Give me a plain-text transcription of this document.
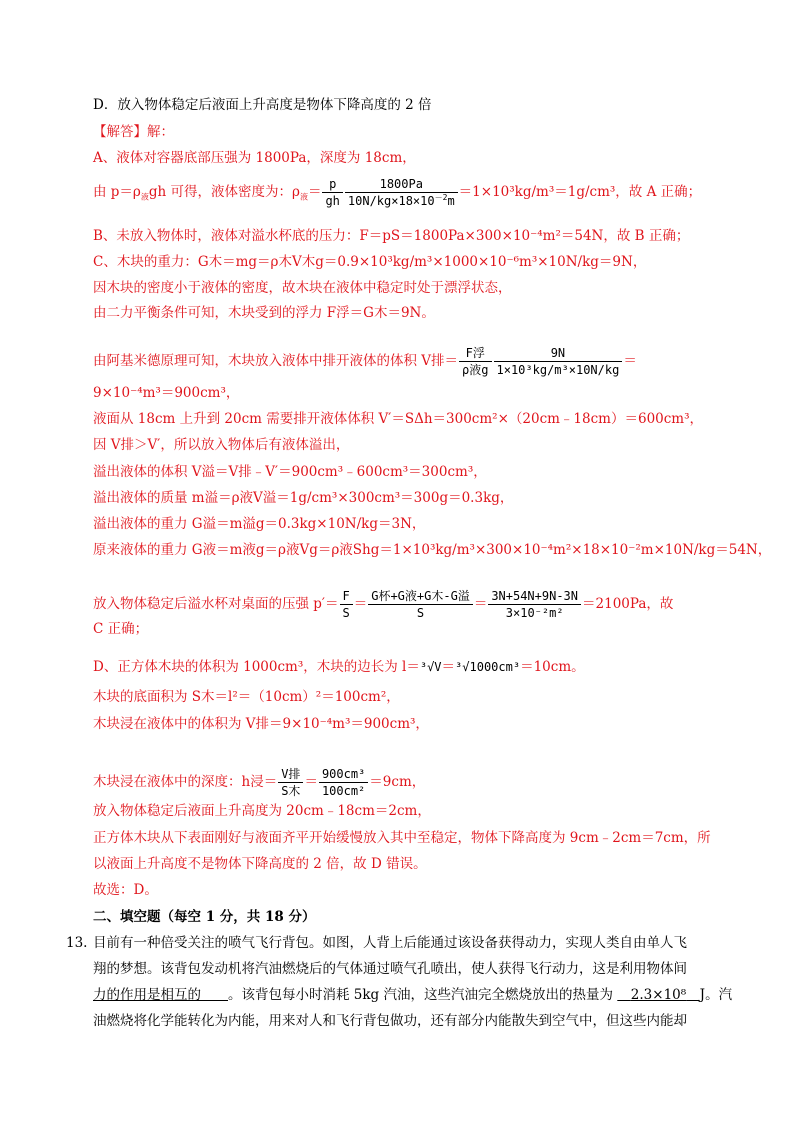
D．放入物体稳定后液面上升高度是物体下降高度的 2 倍
【解答】解：
A、液体对容器底部压强为 1800Pa，深度为 18cm，
由 $p=\rho_液gh$ 可得，液体密度为：$\rho_液= \frac{p}{gh} \frac{1800Pa}{10N/kg\times 18\times 10^{-2}m} =1\times 10^3kg/m^3=1g/cm^3$，故 A 正确；
B、未放入物体时，液体对溢水杯底的压力：F＝pS＝1800Pa×300×10⁻⁴m²＝54N，故 B 正确；
C、木块的重力：G木＝mg＝ρ木V木g＝0.9×10³kg/m³×1000×10⁻⁶m³×10N/kg＝9N，
因木块的密度小于液体的密度，故木块在液体中稳定时处于漂浮状态，
由二力平衡条件可知，木块受到的浮力 F浮＝G木＝9N。
由阿基米德原理可知，木块放入液体中排开液体的体积 V排＝ $\frac{\text{F浮}}{\text{ρ液g}} \frac{9N}{\text{1×10³kg/m³×10N/kg}}$ ＝
9×10⁻⁴m³＝900cm³，
液面从 18cm 上升到 20cm 需要排开液体体积 V′＝SΔh＝300cm²×（20cm﹣18cm）＝600cm³，
因 V排＞V′，所以放入物体后有液体溢出，
溢出液体的体积 V溢＝V排﹣V′＝900cm³﹣600cm³＝300cm³，
溢出液体的质量 m溢＝ρ液V溢＝1g/cm³×300cm³＝300g＝0.3kg，
溢出液体的重力 G溢＝m溢g＝0.3kg×10N/kg＝3N，
原来液体的重力 G液＝m液g＝ρ液Vg＝ρ液Shg＝1×10³kg/m³×300×10⁻⁴m²×18×10⁻²m×10N/kg＝54N，
放入物体稳定后溢水杯对桌面的压强 $p'= \frac{F}{S} = \frac{\text{G杯+G液+G木-G溢}}{S} = \frac{3N+54N+9N-3N}{\text{3×10⁻²m²}} =2100Pa$，故
C 正确；
D、正方体木块的体积为 1000cm³，木块的边长为 l＝³√V＝³√1000cm³＝10cm。
木块的底面积为 S木＝l²＝（10cm）²＝100cm²，
木块浸在液体中的体积为 V排＝9×10⁻⁴m³＝900cm³，
木块浸在液体中的深度：h浸＝ $\frac{\text{V排}}{\text{S木}} = \frac{\text{900cm³}}{\text{100cm²}} =9cm$，
放入物体稳定后液面上升高度为 20cm﹣18cm＝2cm，
正方体木块从下表面刚好与液面齐平开始缓慢放入其中至稳定，物体下降高度为 9cm﹣2cm＝7cm，所
以液面上升高度不是物体下降高度的 2 倍，故 D 错误。
故选：D。
二、填空题（每空 1 分，共 18 分）
13. 目前有一种倍受关注的喷气飞行背包。如图，人背上后能通过该设备获得动力，实现人类自由单人飞
翔的梦想。该背包发动机将汽油燃烧后的气体通过喷气孔喷出，使人获得飞行动力，这是利用物体间
力的作用是相互的　　 。该背包每小时消耗 5kg 汽油，这些汽油完全燃烧放出的热量为 　 2.3×10⁸　 J。汽
油燃烧将化学能转化为内能，用来对人和飞行背包做功，还有部分内能散失到空气中，但这些内能却
